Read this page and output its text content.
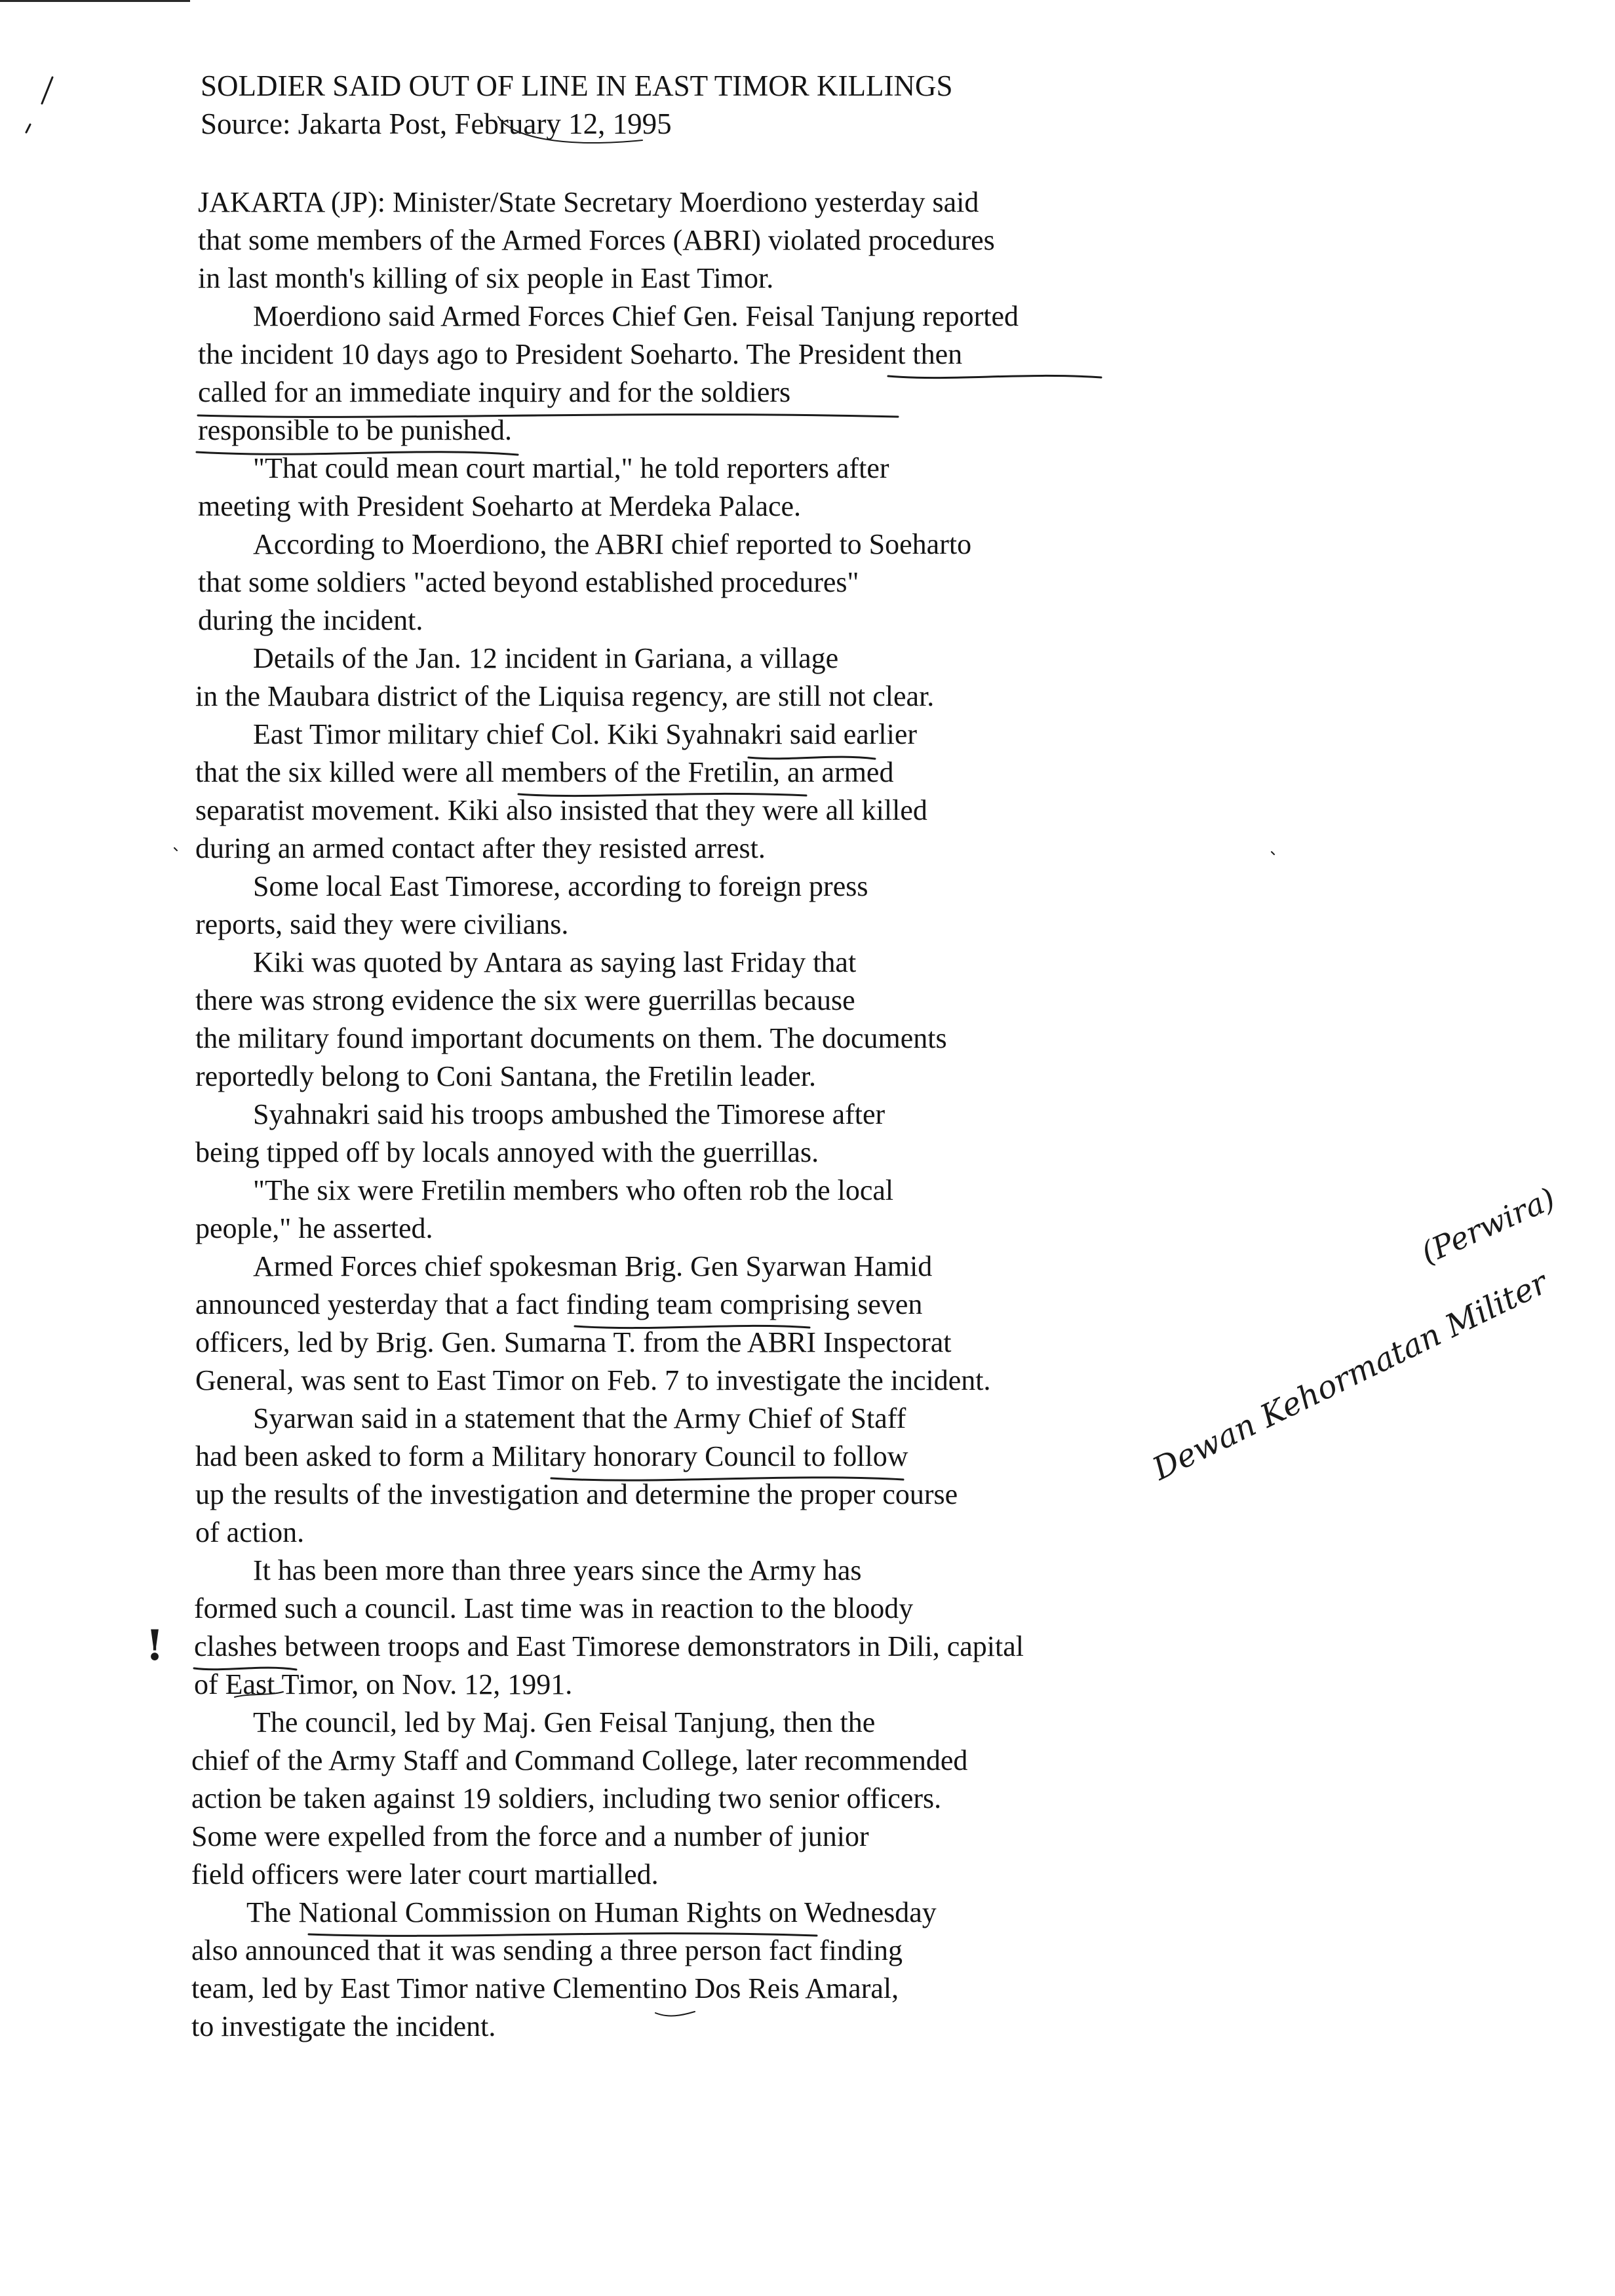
SOLDIER SAID OUT OF LINE IN EAST TIMOR KILLINGS
Source: Jakarta Post, February 12, 1995
JAKARTA (JP): Minister/State Secretary Moerdiono yesterday said
that some members of the Armed Forces (ABRI) violated procedures
in last month's killing of six people in East Timor.
Moerdiono said Armed Forces Chief Gen. Feisal Tanjung reported
the incident 10 days ago to President Soeharto. The President then
called for an immediate inquiry and for the soldiers
responsible to be punished.
"That could mean court martial," he told reporters after
meeting with President Soeharto at Merdeka Palace.
According to Moerdiono, the ABRI chief reported to Soeharto
that some soldiers "acted beyond established procedures"
during the incident.
Details of the Jan. 12 incident in Gariana, a village
in the Maubara district of the Liquisa regency, are still not clear.
East Timor military chief Col. Kiki Syahnakri said earlier
that the six killed were all members of the Fretilin, an armed
separatist movement. Kiki also insisted that they were all killed
during an armed contact after they resisted arrest.
Some local East Timorese, according to foreign press
reports, said they were civilians.
Kiki was quoted by Antara as saying last Friday that
there was strong evidence the six were guerrillas because
the military found important documents on them. The documents
reportedly belong to Coni Santana, the Fretilin leader.
Syahnakri said his troops ambushed the Timorese after
being tipped off by locals annoyed with the guerrillas.
"The six were Fretilin members who often rob the local
people," he asserted.
Armed Forces chief spokesman Brig. Gen Syarwan Hamid
announced yesterday that a fact finding team comprising seven
officers, led by Brig. Gen. Sumarna T. from the ABRI Inspectorat
General, was sent to East Timor on Feb. 7 to investigate the incident.
Syarwan said in a statement that the Army Chief of Staff
had been asked to form a Military honorary Council to follow
up the results of the investigation and determine the proper course
of action.
It has been more than three years since the Army has
formed such a council. Last time was in reaction to the bloody
clashes between troops and East Timorese demonstrators in Dili, capital
of East Timor, on Nov. 12, 1991.
The council, led by Maj. Gen Feisal Tanjung, then the
chief of the Army Staff and Command College, later recommended
action be taken against 19 soldiers, including two senior officers.
Some were expelled from the force and a number of junior
field officers were later court martialled.
The National Commission on Human Rights on Wednesday
also announced that it was sending a three person fact finding
team, led by East Timor native Clementino Dos Reis Amaral,
to investigate the incident.
(Perwira)
Dewan Kehormatan Militer
!
